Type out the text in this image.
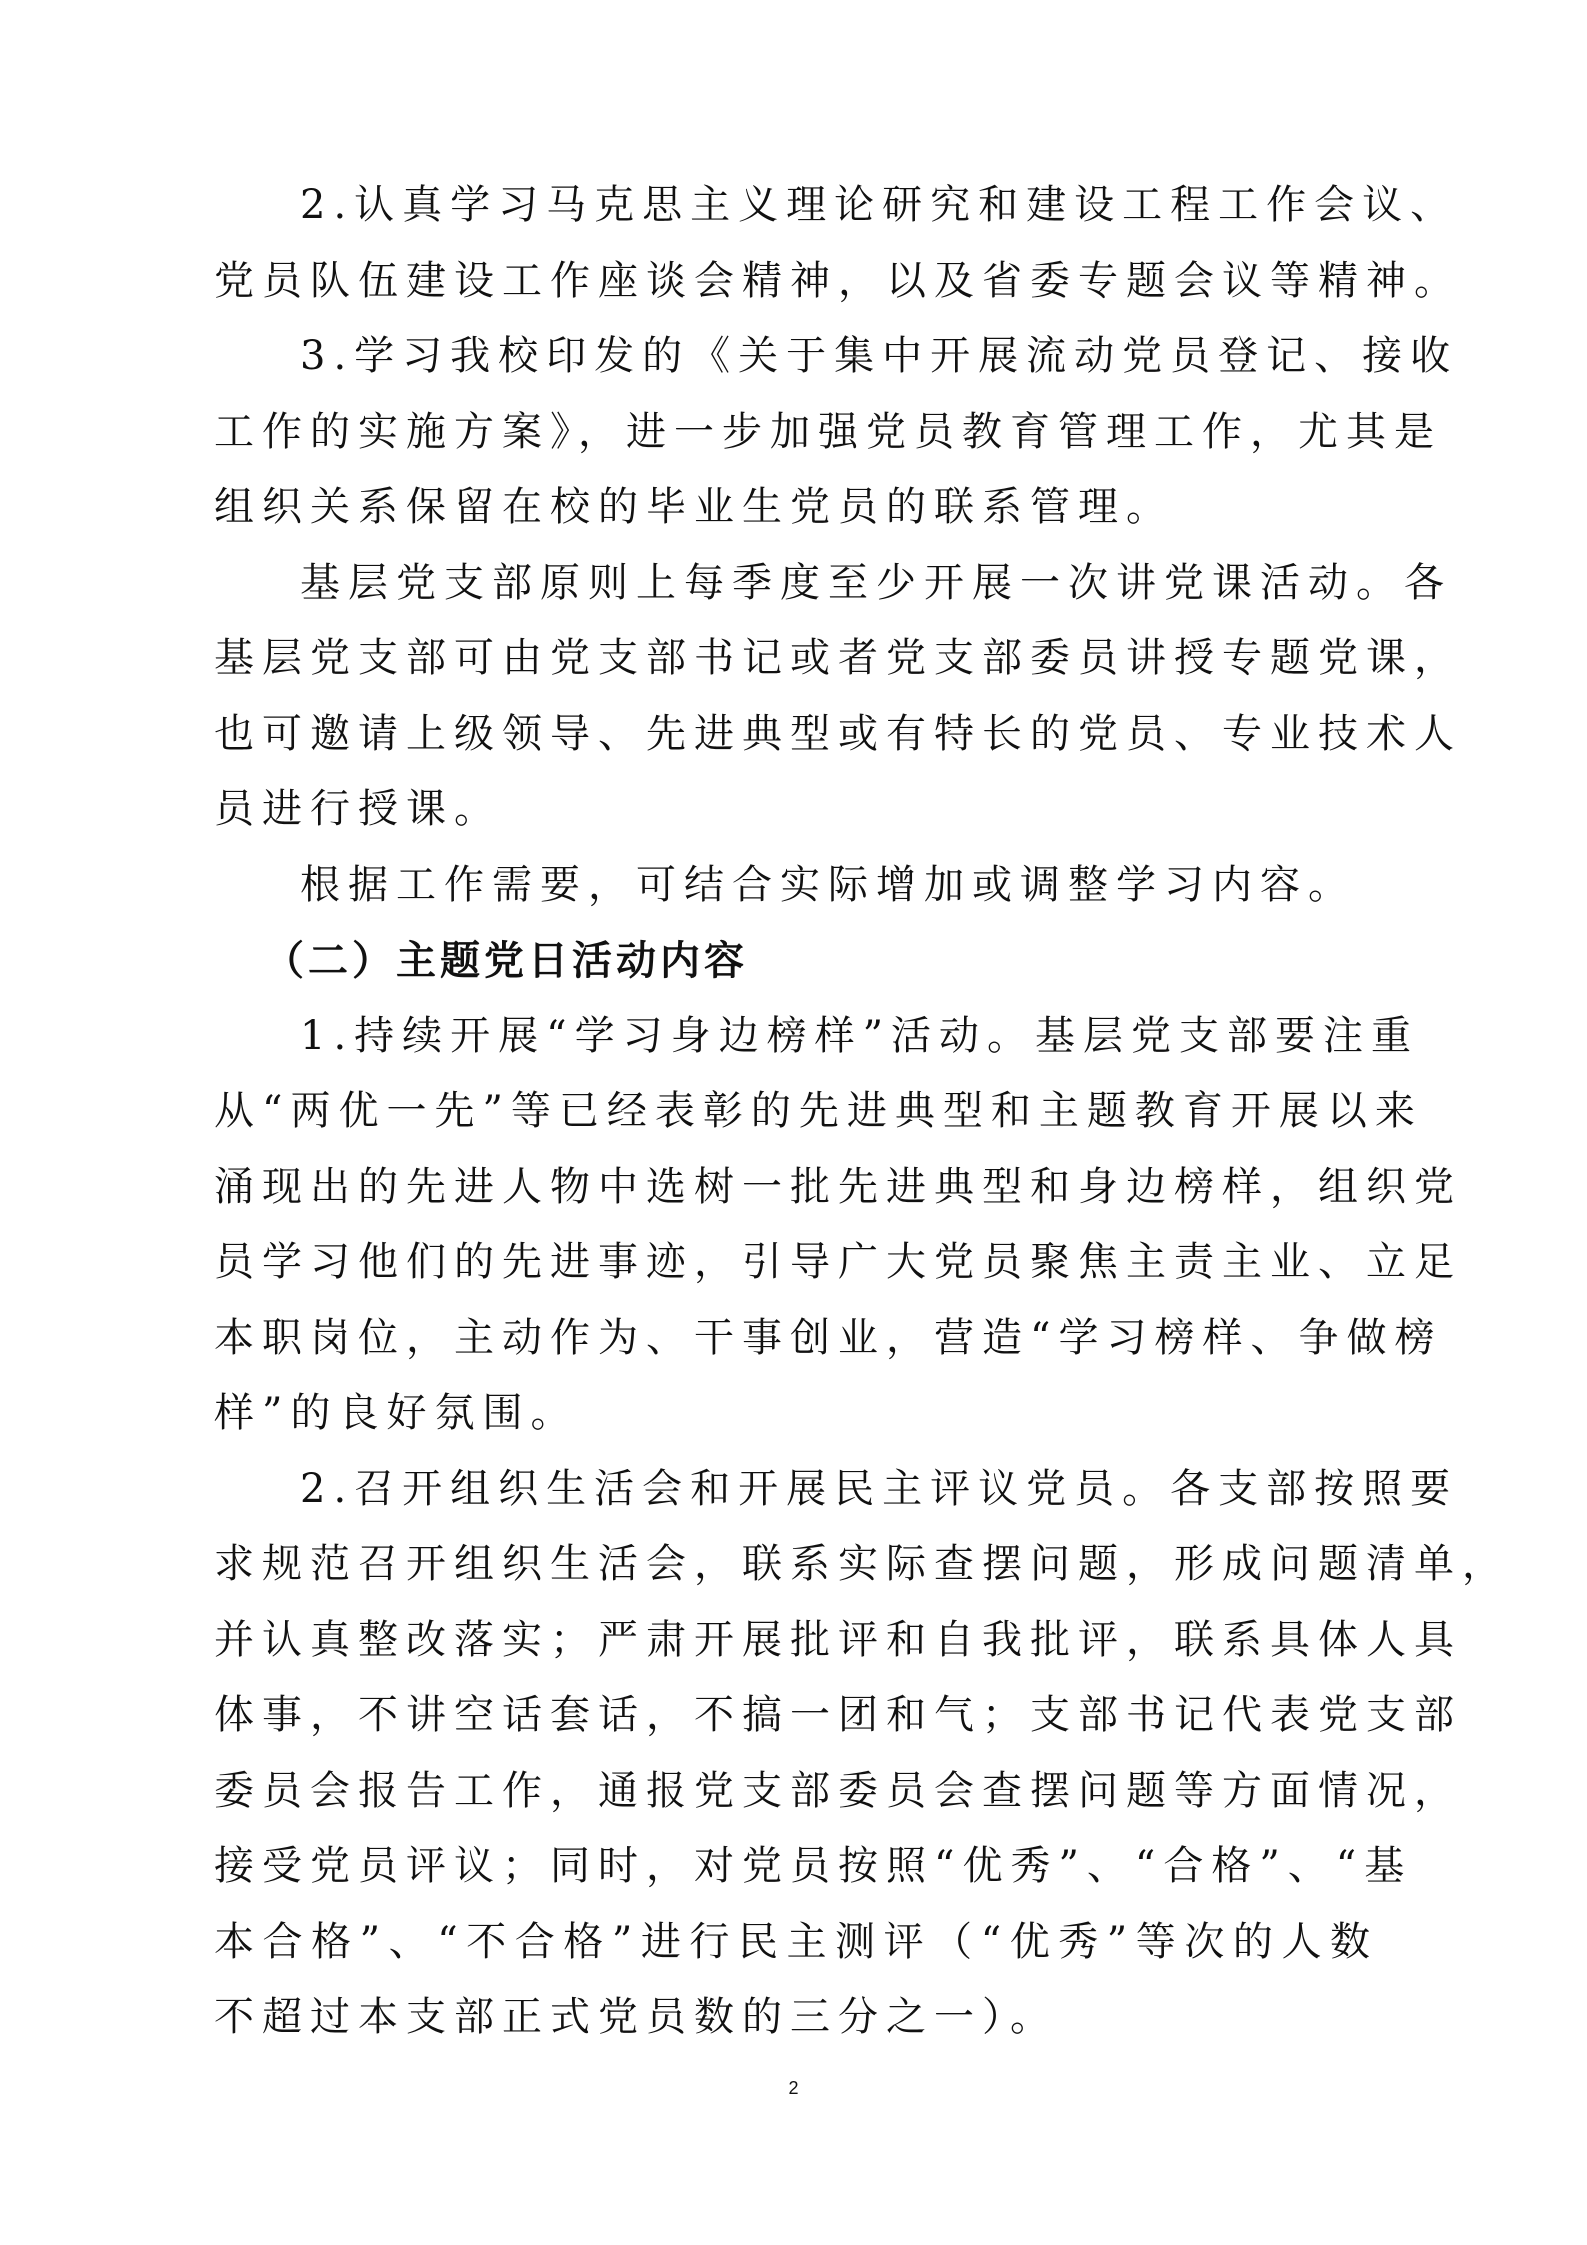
2.认真学习马克思主义理论研究和建设工程工作会议、
党员队伍建设工作座谈会精神，以及省委专题会议等精神。
3.学习我校印发的《关于集中开展流动党员登记、接收
工作的实施方案》，进一步加强党员教育管理工作，尤其是
组织关系保留在校的毕业生党员的联系管理。
基层党支部原则上每季度至少开展一次讲党课活动。各
基层党支部可由党支部书记或者党支部委员讲授专题党课，
也可邀请上级领导、先进典型或有特长的党员、专业技术人
员进行授课。
根据工作需要，可结合实际增加或调整学习内容。
（二）主题党日活动内容
1.持续开展“学习身边榜样”活动。基层党支部要注重
从“两优一先”等已经表彰的先进典型和主题教育开展以来
涌现出的先进人物中选树一批先进典型和身边榜样，组织党
员学习他们的先进事迹，引导广大党员聚焦主责主业、立足
本职岗位，主动作为、干事创业，营造“学习榜样、争做榜
样”的良好氛围。
2.召开组织生活会和开展民主评议党员。各支部按照要
求规范召开组织生活会，联系实际查摆问题，形成问题清单，
并认真整改落实；严肃开展批评和自我批评，联系具体人具
体事，不讲空话套话，不搞一团和气；支部书记代表党支部
委员会报告工作，通报党支部委员会查摆问题等方面情况，
接受党员评议；同时，对党员按照“优秀”、“合格”、“基
本合格”、“不合格”进行民主测评（“优秀”等次的人数
不超过本支部正式党员数的三分之一）。
2
